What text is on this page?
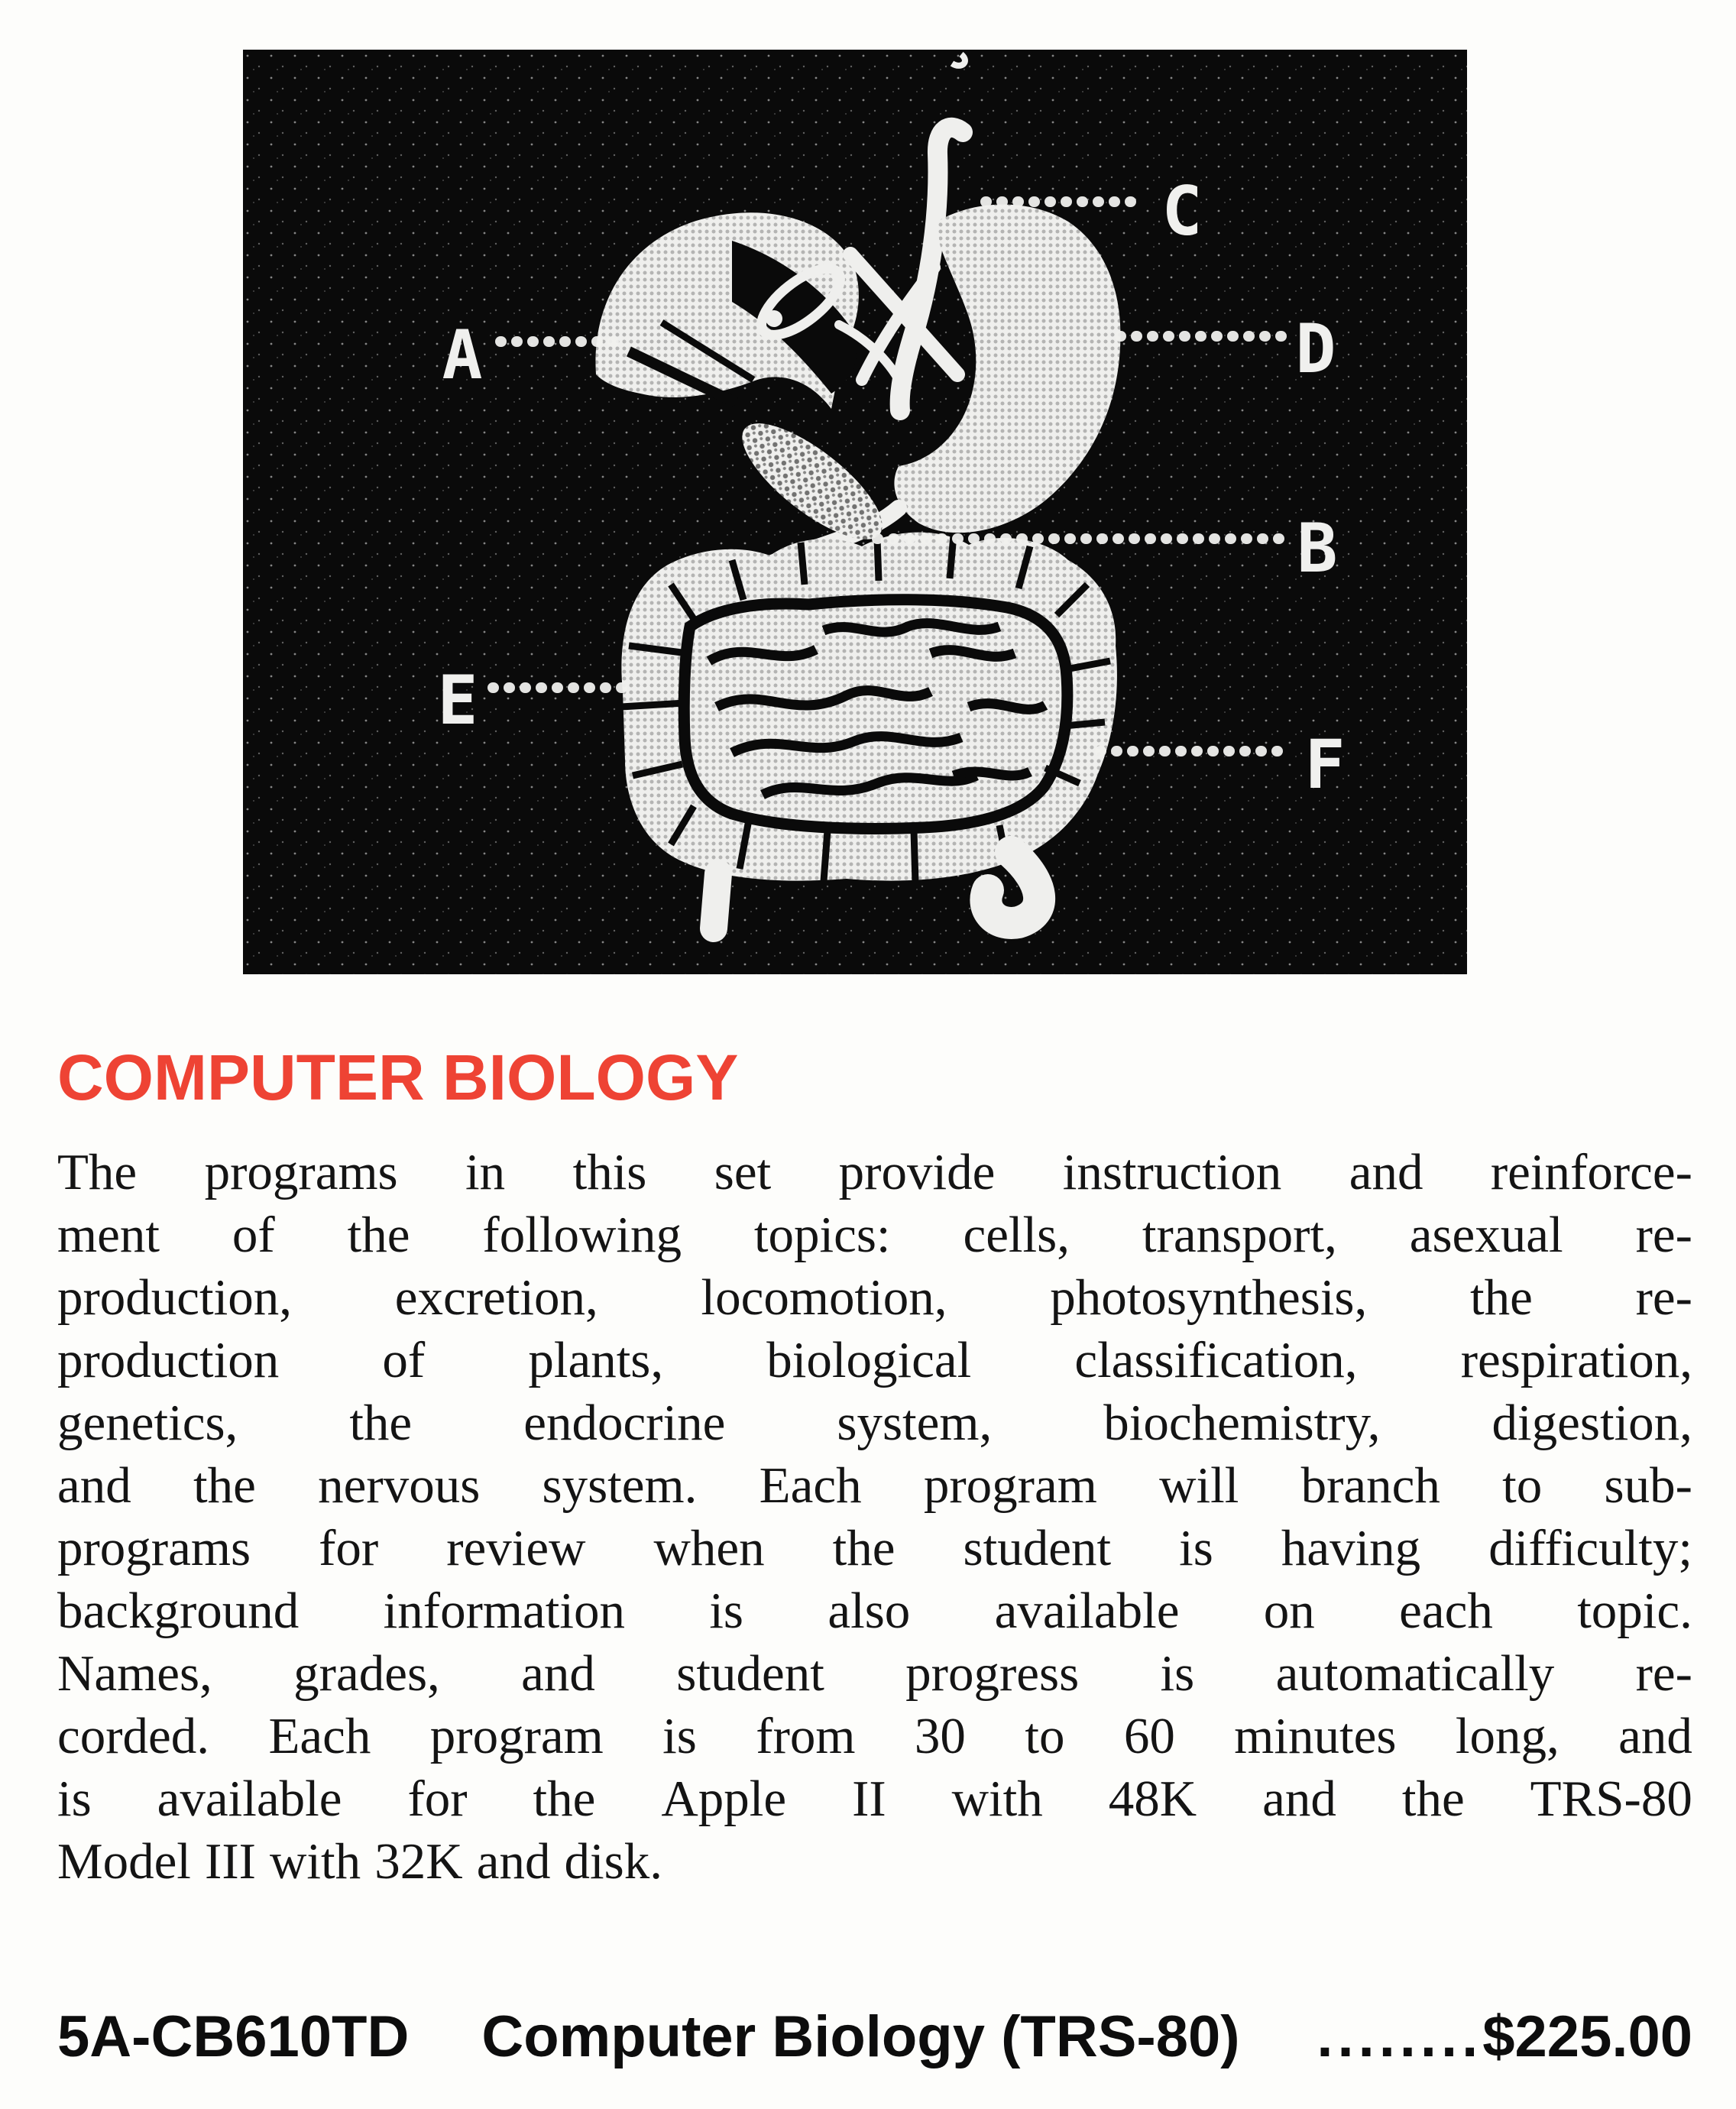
A
C
D
B
E
F
COMPUTER BIOLOGY
The programs in this set provide instruction and reinforce-
ment of the following topics: cells, transport, asexual re-
production, excretion, locomotion, photosynthesis, the re-
production of plants, biological classification, respiration,
genetics, the endocrine system, biochemistry, digestion,
and the nervous system. Each program will branch to sub-
programs for review when the student is having difficulty;
background information is also available on each topic.
Names, grades, and student progress is automatically re-
corded. Each program is from 30 to 60 minutes long, and
is available for the Apple II with 48K and the TRS-80
Model III with 32K and disk.
5A-CB610TD Computer Biology (TRS-80) ........ $225.00
